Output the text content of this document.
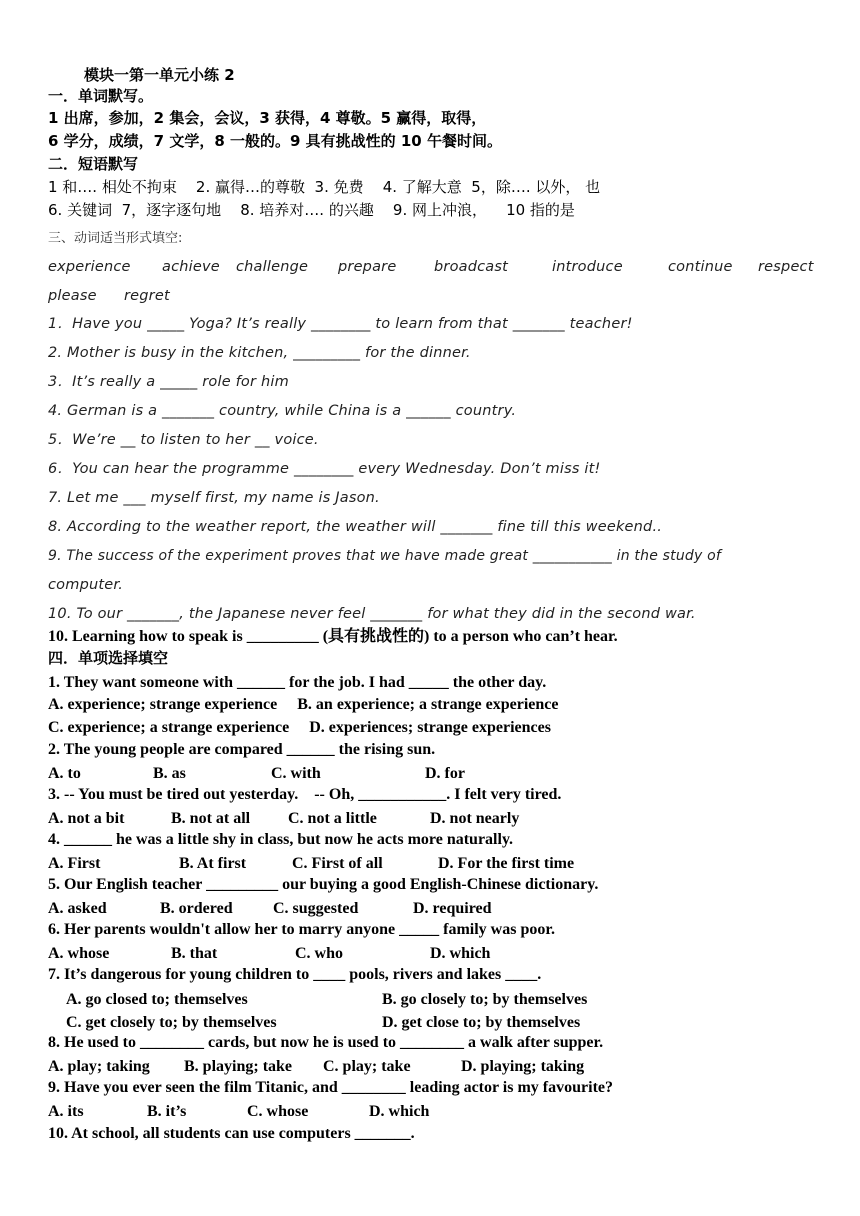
模块一第一单元小练 2
一．单词默写。
1 出席，参加，2 集会，会议，3 获得，4 尊敬。5 赢得，取得，
6 学分，成绩，7 文学，8 一般的。9 具有挑战性的 10 午餐时间。
二．短语默写
1 和…. 相处不拘束    2. 赢得…的尊敬  3. 免费    4. 了解大意  5，除…. 以外， 也
6. 关键词  7，逐字逐句地    8. 培养对…. 的兴趣    9. 网上冲浪，    10 指的是
三、动词适当形式填空:
experience achieve challenge prepare	broadcast	introduce	continue respect
please regret
1．Have you _____ Yoga? It’s really ________ to learn from that _______ teacher!
2. Mother is busy in the kitchen, _________ for the dinner.
3．It’s really a _____ role for him
4. German is a _______ country, while China is a ______ country.
5．We’re __ to listen to her __ voice.
6．You can hear the programme ________ every Wednesday. Don’t miss it!
7. Let me ___ myself first, my name is Jason.
8. According to the weather report, the weather will _______ fine till this weekend..
9. The success of the experiment proves that we have made great ___________ in the study of
computer.
10. To our _______, the Japanese never feel _______ for what they did in the second war.
10. Learning how to speak is _________ (具有挑战性的) to a person who can’t hear.
四．单项选择填空
1. They want someone with ______ for the job. I had _____ the other day.
A. experience; strange experience     B. an experience; a strange experience
C. experience; a strange experience     D. experiences; strange experiences
2. The young people are compared ______ the rising sun.
A. to	B. as	C. with	D. for
3. -- You must be tired out yesterday.    -- Oh, ___________. I felt very tired.
A. not a bit	B. not at all C. not a little	D. not nearly
4. ______ he was a little shy in class, but now he acts more naturally.
A. First	B. At first	C. First of all	D. For the first time
5. Our English teacher _________ our buying a good English-Chinese dictionary.
A. asked	B. ordered	C. suggested	D. required
6. Her parents wouldn't allow her to marry anyone _____ family was poor.
A. whose	B. that	C. who	D. which
7. It’s dangerous for young children to ____ pools, rivers and lakes ____.
A. go closed to; themselves	B. go closely to; by themselves
C. get closely to; by themselves	D. get close to; by themselves
8. He used to ________ cards, but now he is used to ________ a walk after supper.
A. play; taking B. playing; take C. play; take	D. playing; taking
9. Have you ever seen the film Titanic, and ________ leading actor is my favourite?
A. its	B. it’s	C. whose	D. which
10. At school, all students can use computers _______.
